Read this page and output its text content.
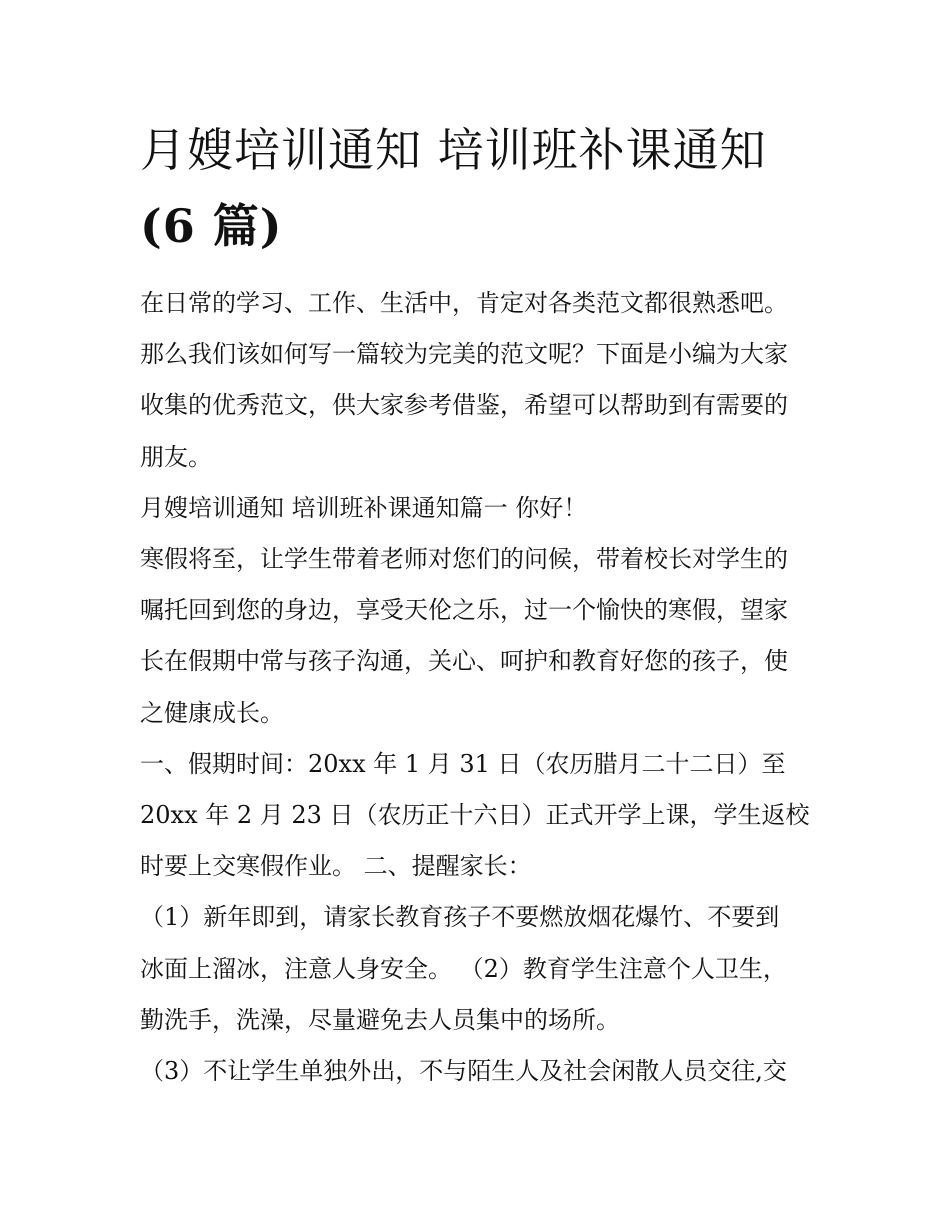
月嫂培训通知 培训班补课通知
(6 篇)
在日常的学习、工作、生活中，肯定对各类范文都很熟悉吧。
那么我们该如何写一篇较为完美的范文呢？下面是小编为大家
收集的优秀范文，供大家参考借鉴，希望可以帮助到有需要的
朋友。
月嫂培训通知 培训班补课通知篇一 你好！
寒假将至，让学生带着老师对您们的问候，带着校长对学生的
嘱托回到您的身边，享受天伦之乐，过一个愉快的寒假，望家
长在假期中常与孩子沟通，关心、呵护和教育好您的孩子，使
之健康成长。
一、假期时间：20xx 年 1 月 31 日（农历腊月二十二日）至
20xx 年 2 月 23 日（农历正十六日）正式开学上课，学生返校
时要上交寒假作业。 二、提醒家长：
（1）新年即到，请家长教育孩子不要燃放烟花爆竹、不要到
冰面上溜冰，注意人身安全。 （2）教育学生注意个人卫生，
勤洗手，洗澡，尽量避免去人员集中的场所。
（3）不让学生单独外出，不与陌生人及社会闲散人员交往,交
